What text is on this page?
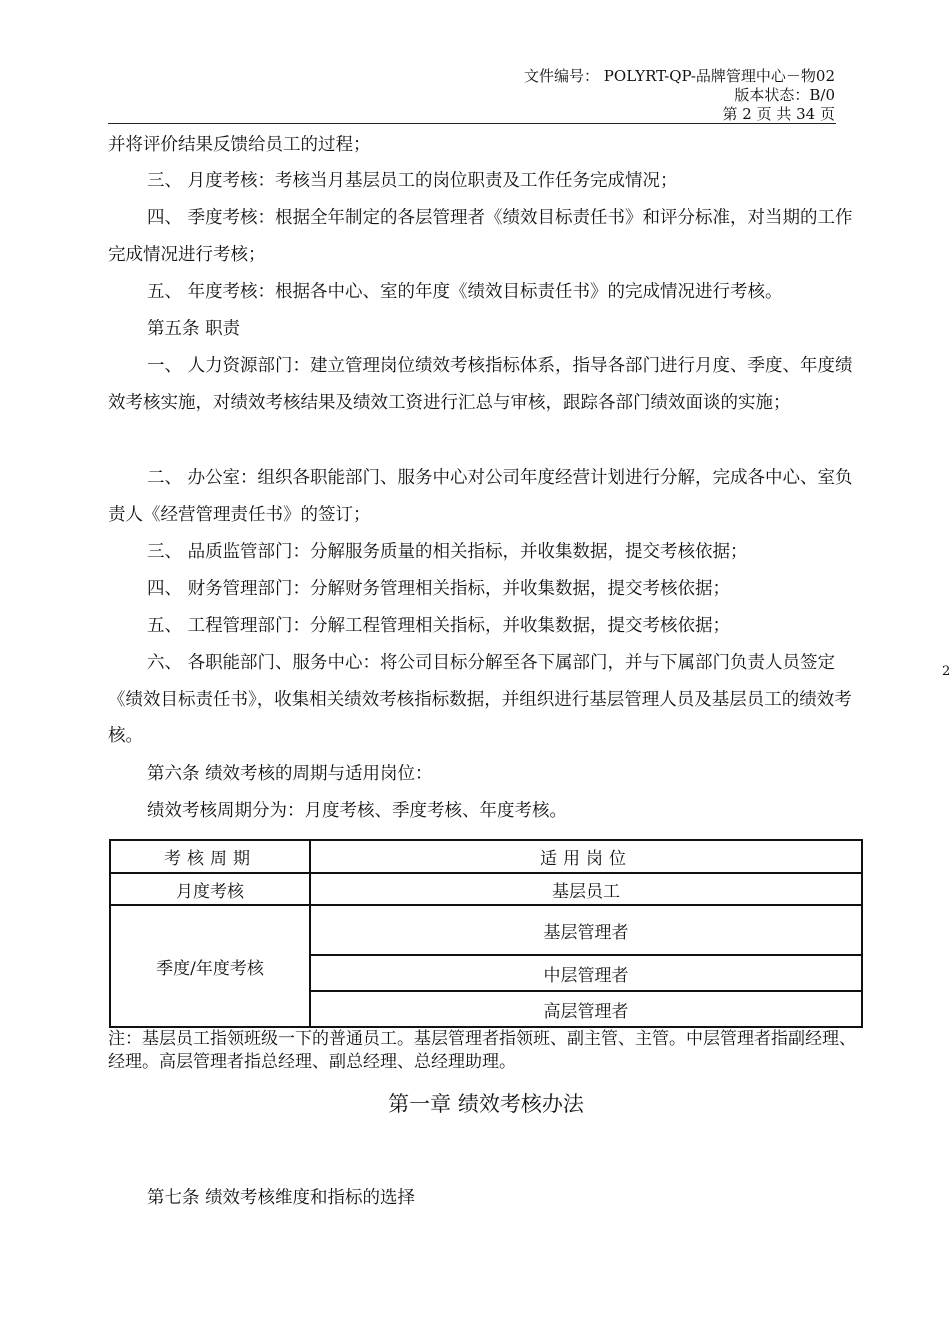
文件编号： POLYRT-QP-品牌管理中心－物02
版本状态：B/0
第 2 页 共 34 页
2

并将评价结果反馈给员工的过程；

三、 月度考核：考核当月基层员工的岗位职责及工作任务完成情况；

四、 季度考核：根据全年制定的各层管理者《绩效目标责任书》和评分标准，对当期的工作完成情况进行考核；

五、 年度考核：根据各中心、室的年度《绩效目标责任书》的完成情况进行考核。

第五条 职责

一、 人力资源部门：建立管理岗位绩效考核指标体系，指导各部门进行月度、季度、年度绩效考核实施，对绩效考核结果及绩效工资进行汇总与审核，跟踪各部门绩效面谈的实施；

二、 办公室：组织各职能部门、服务中心对公司年度经营计划进行分解，完成各中心、室负责人《经营管理责任书》的签订；

三、 品质监管部门：分解服务质量的相关指标，并收集数据，提交考核依据；

四、 财务管理部门：分解财务管理相关指标，并收集数据，提交考核依据；

五、 工程管理部门：分解工程管理相关指标，并收集数据，提交考核依据；

六、 各职能部门、服务中心：将公司目标分解至各下属部门，并与下属部门负责人员签定《绩效目标责任书》，收集相关绩效考核指标数据，并组织进行基层管理人员及基层员工的绩效考核。

第六条 绩效考核的周期与适用岗位：

绩效考核周期分为：月度考核、季度考核、年度考核。

考核周期	适用岗位
月度考核	基层员工
季度/年度考核	基层管理者
	中层管理者
	高层管理者
注：基层员工指领班级一下的普通员工。基层管理者指领班、副主管、主管。中层管理者指副经理、经理。高层管理者指总经理、副总经理、总经理助理。
第一章 绩效考核办法
第七条 绩效考核维度和指标的选择
